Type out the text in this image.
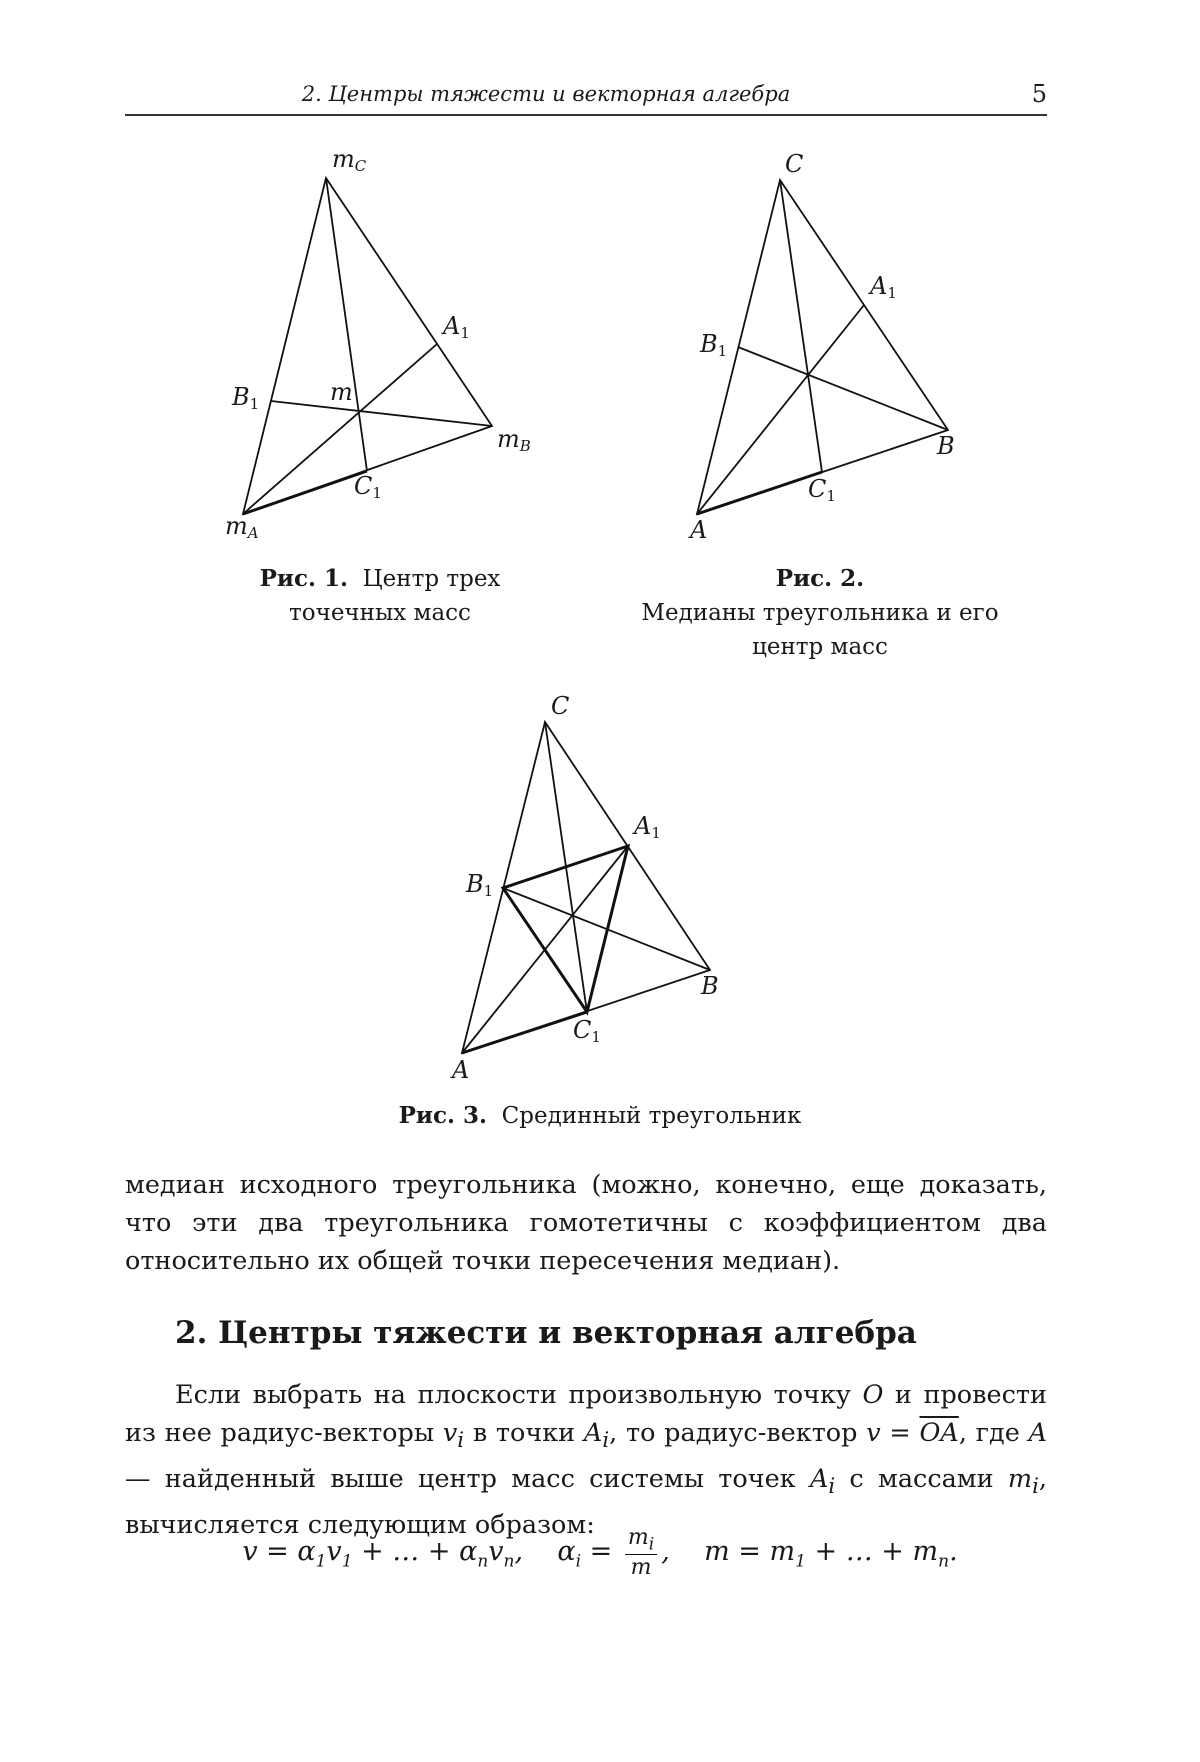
2. Центры тяжести и векторная алгебра	5
$m_C$
$A_1$
$B_1$	m
$m_B$
$C_1$
$m_A$
Рис. 1. Центр трех
точечных масс
C
$A_1$
$B_1$
B
$C_1$
A
Рис. 2.
Медианы треугольника и его
центр масс
C
$A_1$
$B_1$
B
$C_1$
A
Рис. 3. Срединный треугольник
медиан исходного треугольника (можно, конечно, еще доказать, что эти два треугольника гомотетичны с коэффициентом два относительно их общей точки пересечения медиан).
2. Центры тяжести и векторная алгебра
Если выбрать на плоскости произвольную точку O и провести из нее радиус-векторы $v_i$ в точки $A_i$, то радиус-вектор $v = \overline{OA}$, где A — найденный выше центр масс системы точек $A_i$ с массами $m_i$, вычисляется следующим образом:
$v = \alpha_1v_1$ + … + $\alpha_nv_n$,    $\alpha_i = \frac{m_i}{m}$ ,    $m = m_1$ + … + $m_n$.
